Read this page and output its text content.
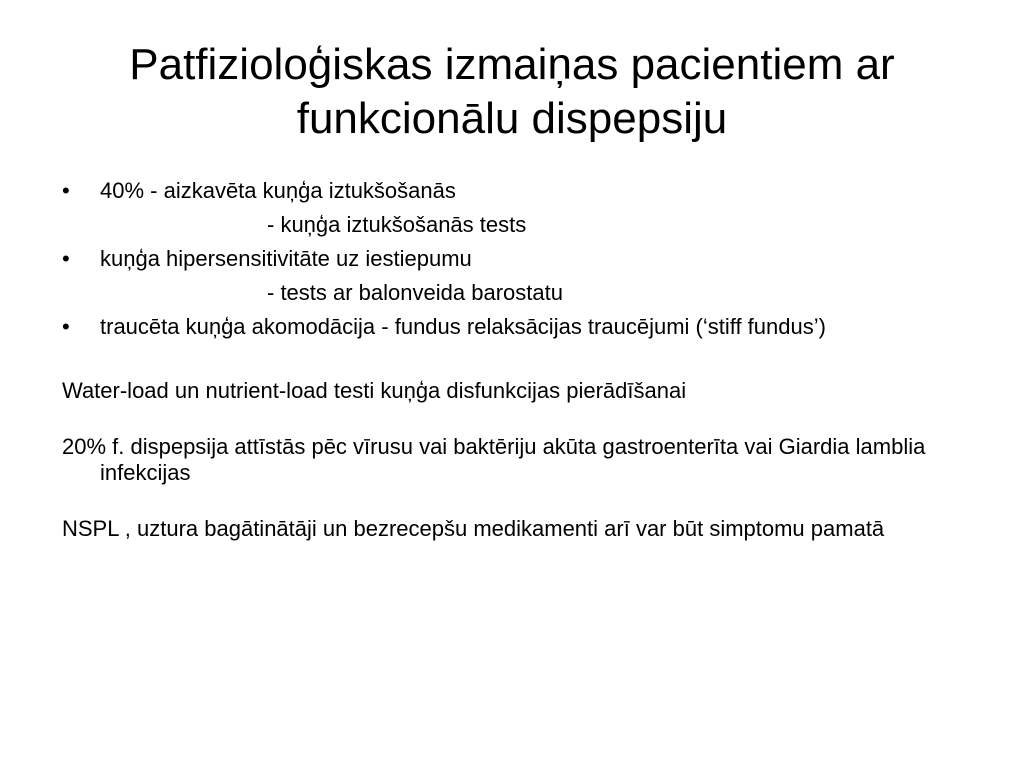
Patfizioloģiskas izmaiņas pacientiem ar
funkcionālu dispepsiju
• 40% - aizkavēta kuņģa iztukšošanās
- kuņģa iztukšošanās tests
• kuņģa hipersensitivitāte uz iestiepumu
- tests ar balonveida barostatu
• traucēta kuņģa akomodācija - fundus relaksācijas traucējumi (‘stiff fundus’)

Water-load un nutrient-load testi kuņģa disfunkcijas pierādīšanai

20% f. dispepsija attīstās pēc vīrusu vai baktēriju akūta gastroenterīta vai Giardia lamblia infekcijas

NSPL , uztura bagātinātāji un bezrecepšu medikamenti arī var būt simptomu pamatā
